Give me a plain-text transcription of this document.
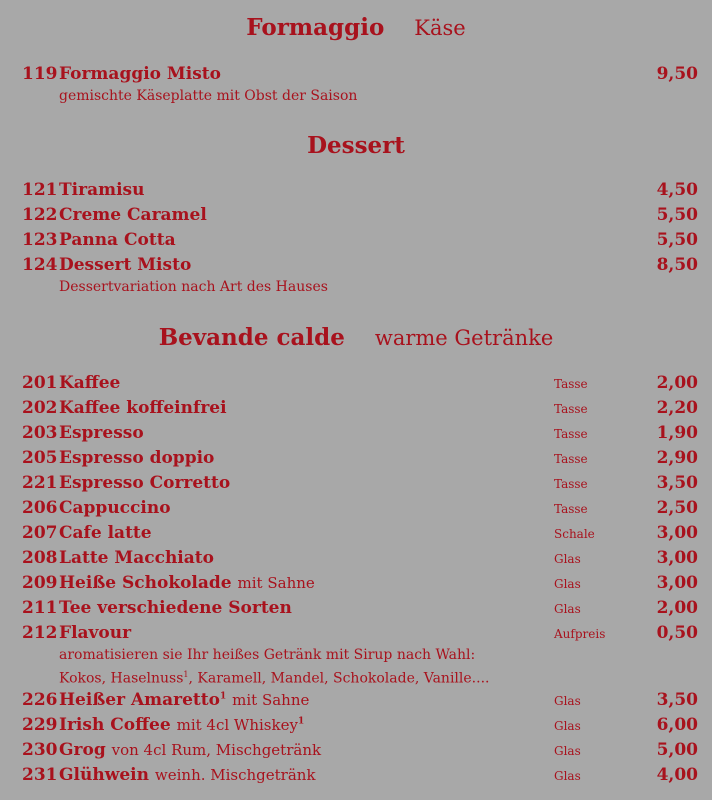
Formaggio Käse
119 Formaggio Misto	9,50
gemischte Käseplatte mit Obst der Saison
Dessert
121 Tiramisu	4,50
122 Creme Caramel	5,50
123 Panna Cotta	5,50
124 Dessert Misto	8,50
Dessertvariation nach Art des Hauses
Bevande calde warme Getränke
201 Kaffee	Tasse	2,00
202 Kaffee koffeinfrei	Tasse	2,20
203 Espresso	Tasse	1,90
205 Espresso doppio	Tasse	2,90
221 Espresso Corretto	Tasse	3,50
206 Cappuccino	Tasse	2,50
207 Cafe latte	Schale	3,00
208 Latte Macchiato	Glas	3,00
209 Heiße Schokolade mit Sahne	Glas	3,00
211 Tee verschiedene Sorten	Glas	2,00
212 Flavour	Aufpreis	0,50
aromatisieren sie Ihr heißes Getränk mit Sirup nach Wahl:
Kokos, Haselnuss$^1$, Karamell, Mandel, Schokolade, Vanille....
226 Heißer Amaretto$^1$ mit Sahne	Glas	3,50
229 Irish Coffee mit 4cl Whiskey$^1$	Glas	6,00
230 Grog von 4cl Rum, Mischgetränk	Glas	5,00
231 Glühwein weinh. Mischgetränk	Glas	4,00
